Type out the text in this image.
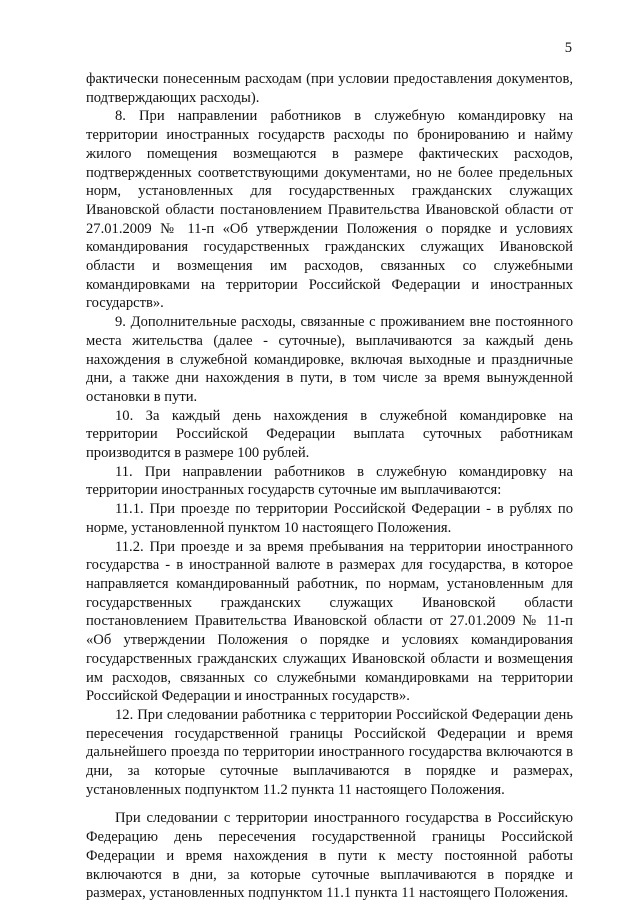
5

фактически понесенным расходам (при условии предоставления документов, подтверждающих расходы).

8. При направлении работников в служебную командировку на территории иностранных государств расходы по бронированию и найму жилого помещения возмещаются в размере фактических расходов, подтвержденных соответствующими документами, но не более предельных норм, установленных для государственных гражданских служащих Ивановской области постановлением Правительства Ивановской области от 27.01.2009 № 11-п «Об утверждении Положения о порядке и условиях командирования государственных гражданских служащих Ивановской области и возмещения им расходов, связанных со служебными командировками на территории Российской Федерации и иностранных государств».

9. Дополнительные расходы, связанные с проживанием вне постоянного места жительства (далее - суточные), выплачиваются за каждый день нахождения в служебной командировке, включая выходные и праздничные дни, а также дни нахождения в пути, в том числе за время вынужденной остановки в пути.

10. За каждый день нахождения в служебной командировке на территории Российской Федерации выплата суточных работникам производится в размере 100 рублей.

11. При направлении работников в служебную командировку на территории иностранных государств суточные им выплачиваются:

11.1. При проезде по территории Российской Федерации - в рублях по норме, установленной пунктом 10 настоящего Положения.

11.2. При проезде и за время пребывания на территории иностранного государства - в иностранной валюте в размерах для государства, в которое направляется командированный работник, по нормам, установленным для государственных гражданских служащих Ивановской области постановлением Правительства Ивановской области от 27.01.2009 № 11-п «Об утверждении Положения о порядке и условиях командирования государственных гражданских служащих Ивановской области и возмещения им расходов, связанных со служебными командировками на территории Российской Федерации и иностранных государств».

12. При следовании работника с территории Российской Федерации день пересечения государственной границы Российской Федерации и время дальнейшего проезда по территории иностранного государства включаются в дни, за которые суточные выплачиваются в порядке и размерах, установленных подпунктом 11.2 пункта 11 настоящего Положения.

При следовании с территории иностранного государства в Российскую Федерацию день пересечения государственной границы Российской Федерации и время нахождения в пути к месту постоянной работы включаются в дни, за которые суточные выплачиваются в порядке и размерах, установленных подпунктом 11.1 пункта 11 настоящего Положения.
